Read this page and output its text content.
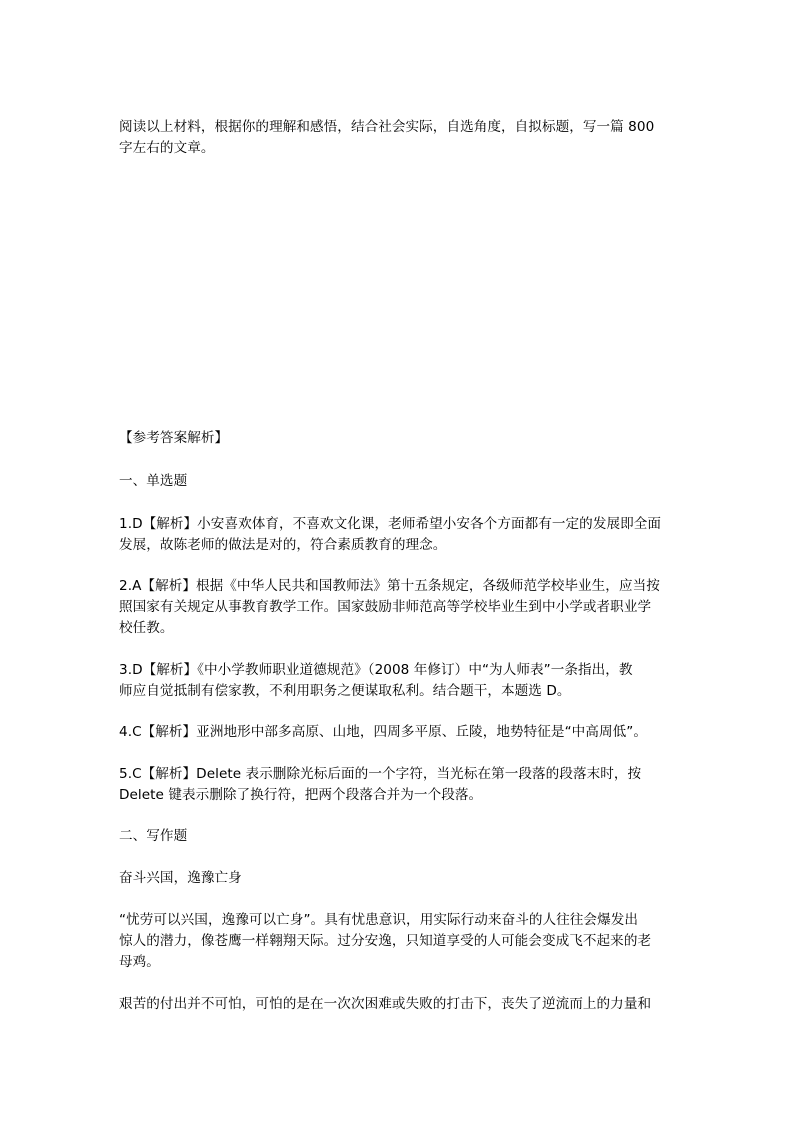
阅读以上材料，根据你的理解和感悟，结合社会实际，自选角度，自拟标题，写一篇 800
字左右的文章。
【参考答案解析】
一、单选题
1.D【解析】小安喜欢体育，不喜欢文化课，老师希望小安各个方面都有一定的发展即全面
发展，故陈老师的做法是对的，符合素质教育的理念。
2.A【解析】根据《中华人民共和国教师法》第十五条规定，各级师范学校毕业生，应当按
照国家有关规定从事教育教学工作。国家鼓励非师范高等学校毕业生到中小学或者职业学
校任教。
3.D【解析】《中小学教师职业道德规范》（2008 年修订）中“为人师表”一条指出，教
师应自觉抵制有偿家教，不利用职务之便谋取私利。结合题干，本题选 D。
4.C【解析】亚洲地形中部多高原、山地，四周多平原、丘陵，地势特征是“中高周低”。
5.C【解析】Delete 表示删除光标后面的一个字符，当光标在第一段落的段落末时，按
Delete 键表示删除了换行符，把两个段落合并为一个段落。
二、写作题
奋斗兴国，逸豫亡身
“忧劳可以兴国，逸豫可以亡身”。具有忧患意识，用实际行动来奋斗的人往往会爆发出
惊人的潜力，像苍鹰一样翱翔天际。过分安逸，只知道享受的人可能会变成飞不起来的老
母鸡。
艰苦的付出并不可怕，可怕的是在一次次困难或失败的打击下，丧失了逆流而上的力量和
